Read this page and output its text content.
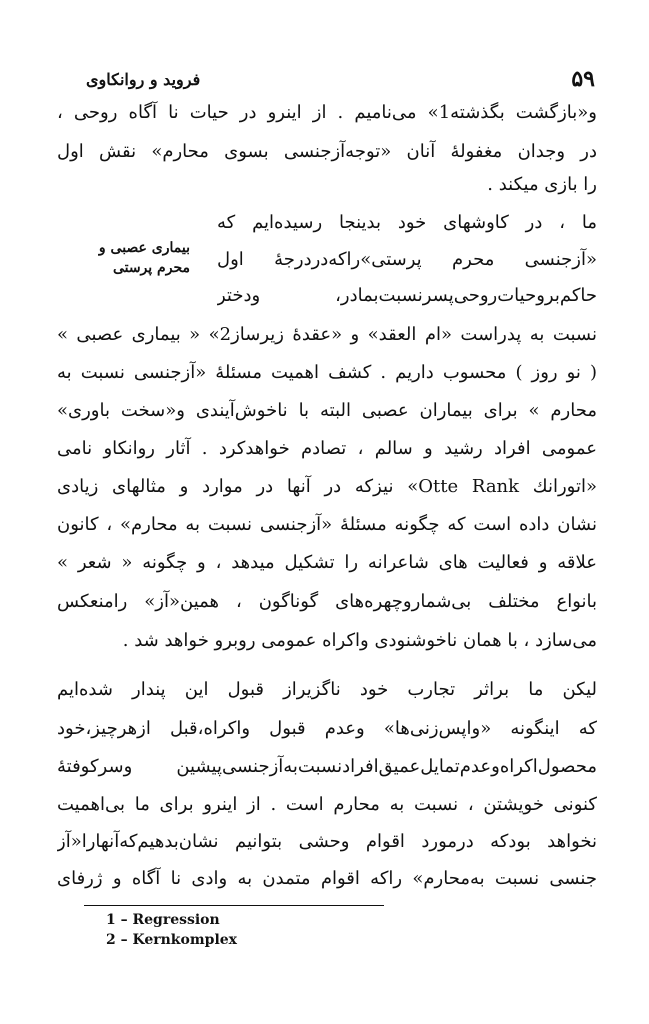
۵۹
فروید و روانکاوی
بیماری عصبی و محرم پرستی
و«بازگشت بگذشته1» می‌نامیم . از اینرو در حیات نا آگاه روحی ،
در وجدان مغفولۀ آنان «توجه‌آزجنسی بسوی محارم» نقش اول
را بازی میکند .
ما ، در کاوشهای خود بدینجا رسیده‌ایم که
«آزجنسی محرم پرستی»راکه‌دردرجۀ اول
حاکم‌بروحیات‌روحی‌پسرنسبت‌بمادر، ودختر
نسبت به پدراست «ام العقد» و «عقدۀ زیرساز2» « بیماری عصبی »
( نو روز ) محسوب داریم . کشف اهمیت مسئلۀ «آزجنسی نسبت به
محارم » برای بیماران عصبی البته با ناخوش‌آیندی و«سخت باوری»
عمومی افراد رشید و سالم ، تصادم خواهدکرد . آثار روانکاو نامی
«اتورانك Otte Rank» نیزکه در آنها در موارد و مثالهای زیادی
نشان داده است که چگونه مسئلۀ «آزجنسی نسبت به محارم» ، کانون
علاقه و فعالیت های شاعرانه را تشکیل میدهد ، و چگونه « شعر »
بانواع مختلف بی‌شماروچهره‌های گوناگون ، همین«آز» رامنعکس
می‌سازد ، با همان ناخوشنودی واکراه عمومی روبرو خواهد شد .
لیکن ما براثر تجارب خود ناگزیراز قبول این پندار شده‌ایم
که اینگونه «واپس‌زنی‌ها» وعدم قبول واکراه،قبل ازهرچیز،خود
محصول‌اکراه‌وعدم‌تمایل‌عمیق‌افراد‌نسبت‌به‌آزجنسی‌پیشین وسرکوفتۀ
کنونی خویشتن ، نسبت به محارم است . از اینرو برای ما بی‌اهمیت
نخواهد بودکه درمورد اقوام وحشی بتوانیم نشان‌بدهیم‌که‌آنهارا«آز
جنسی نسبت به‌محارم» راکه اقوام متمدن به وادی نا آگاه و ژرفای
1 – Regression
2 – Kernkomplex
